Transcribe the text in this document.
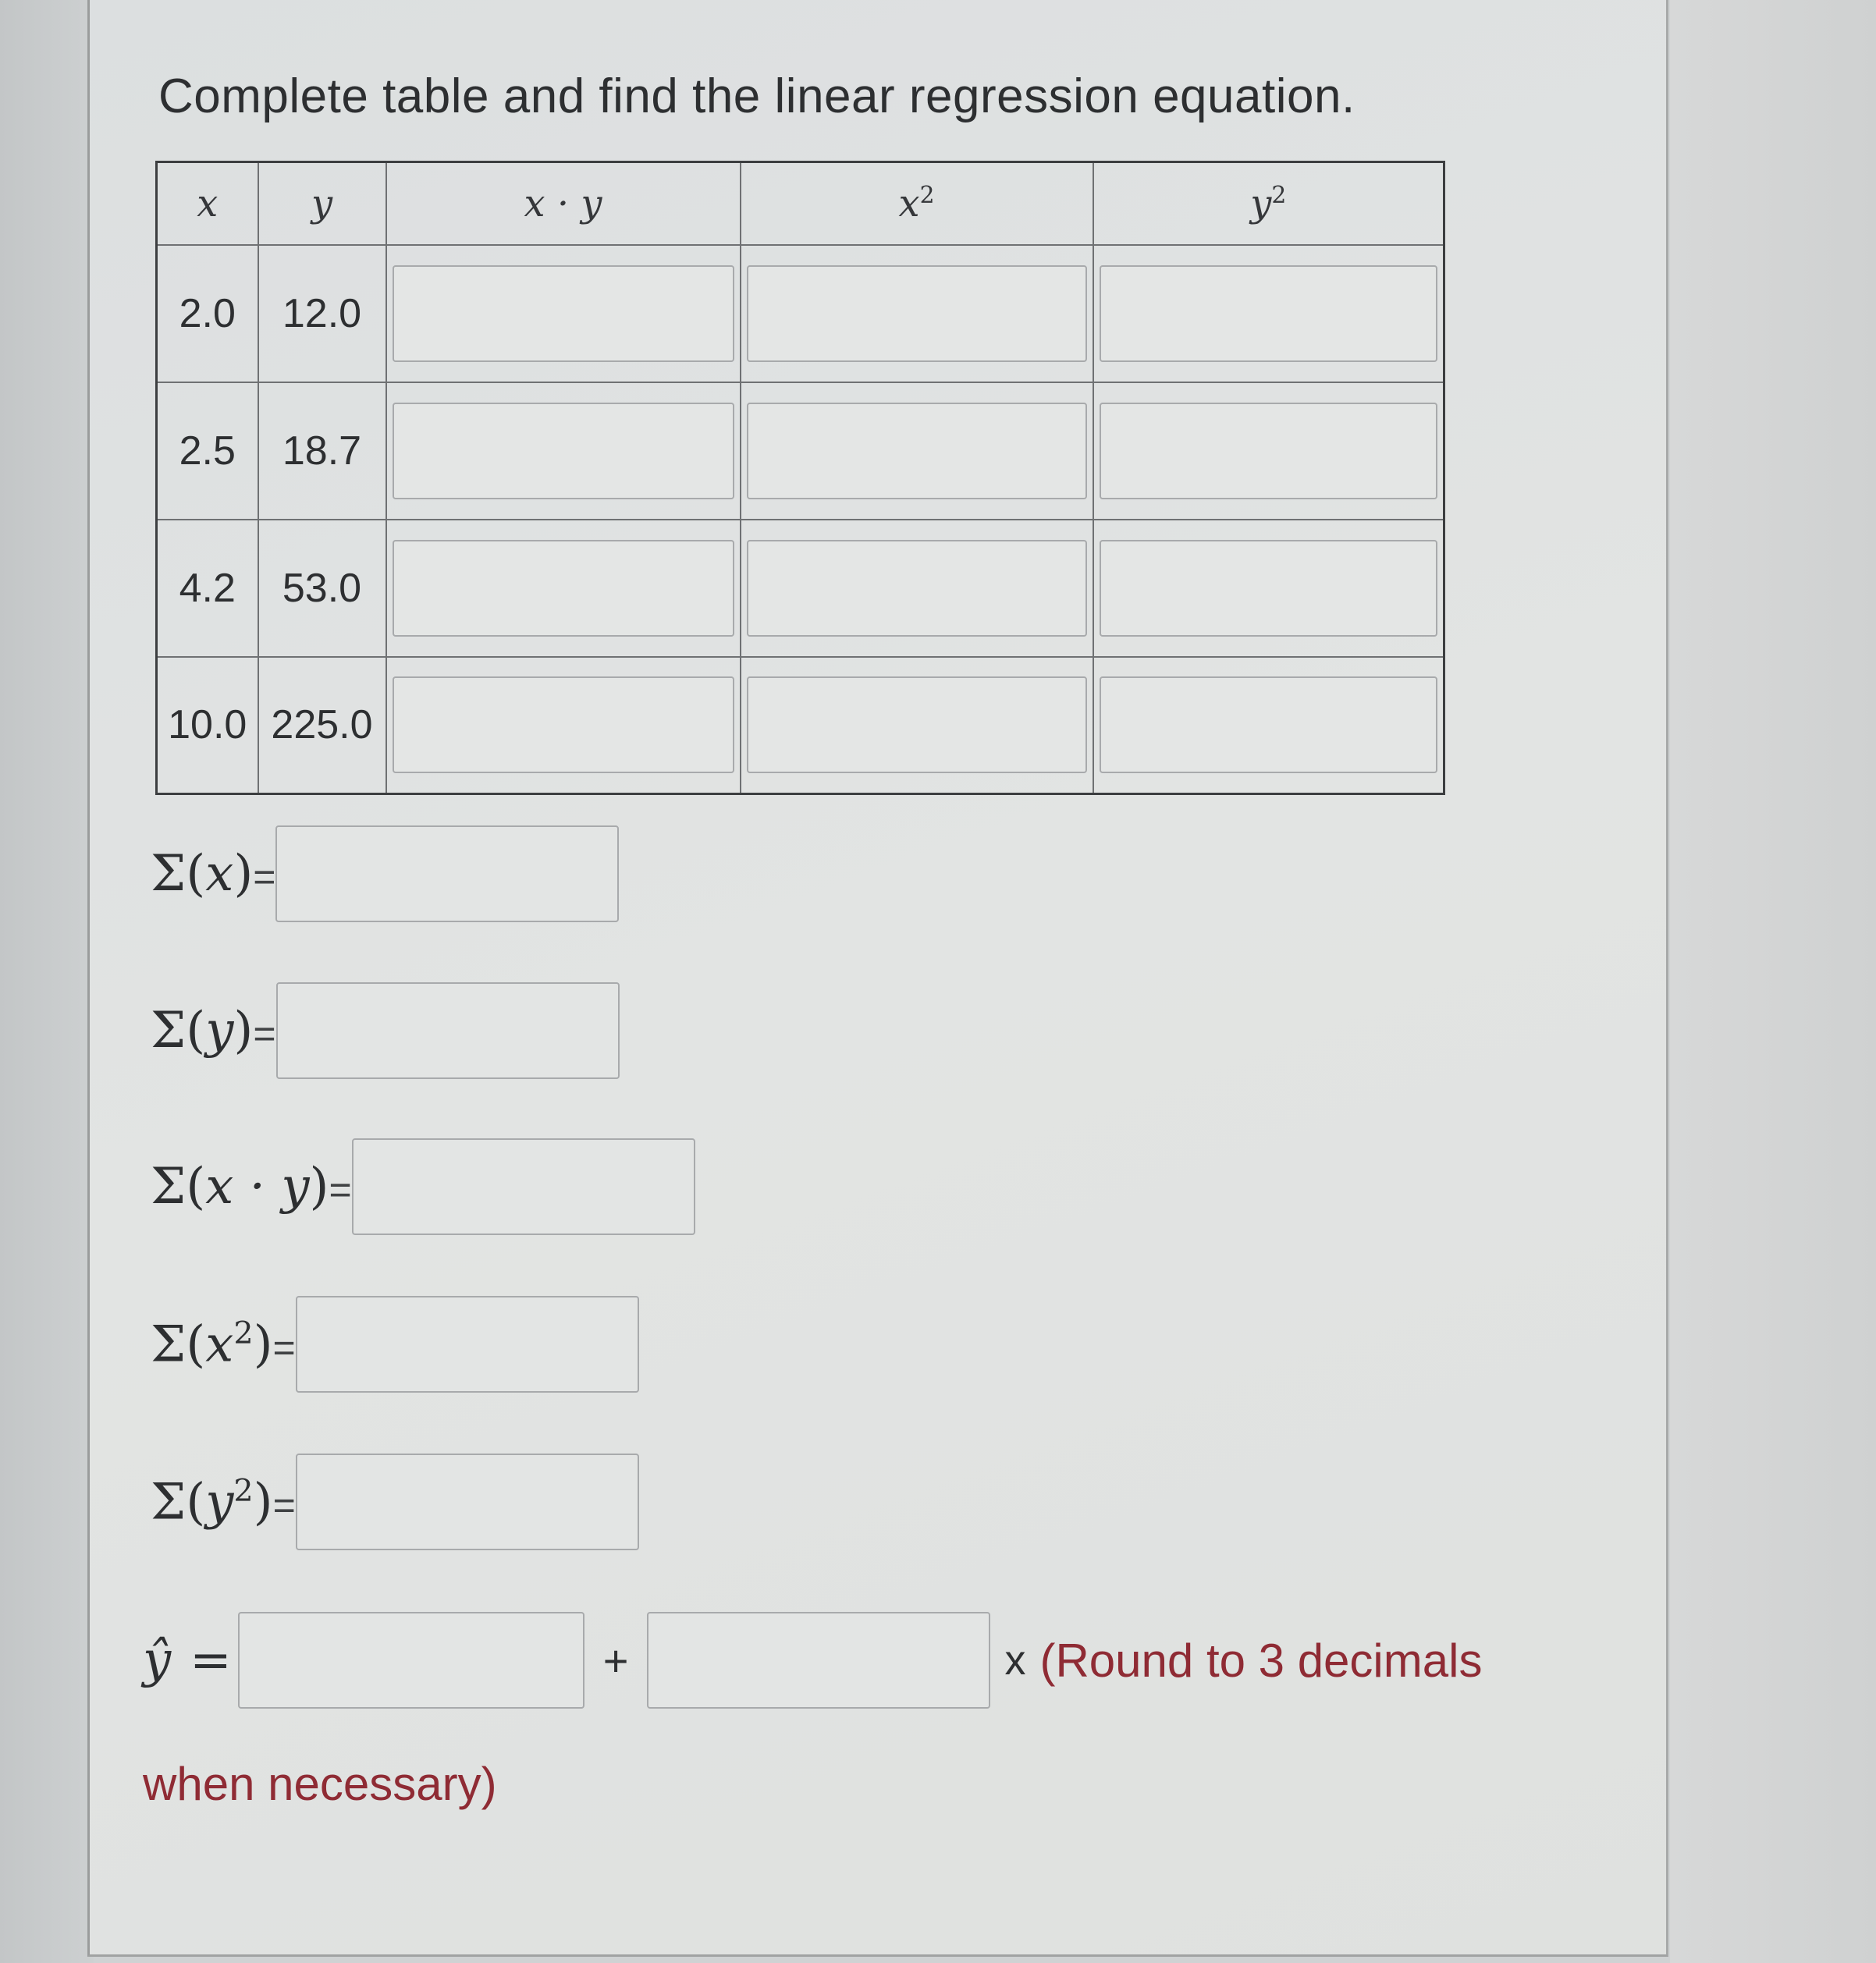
Complete table and find the linear regression equation.
x	y	x · y	$x^2$	$y^2$
2.0	12.0	

2.5	18.7	

4.2	53.0	

10.0	225.0	

Σ(x)=
Σ(y)=
Σ(x · y)=
$\Sigma(x^2)=$
$\Sigma(y^2)=$
ŷ =	+	x (Round to 3 decimals
when necessary)
